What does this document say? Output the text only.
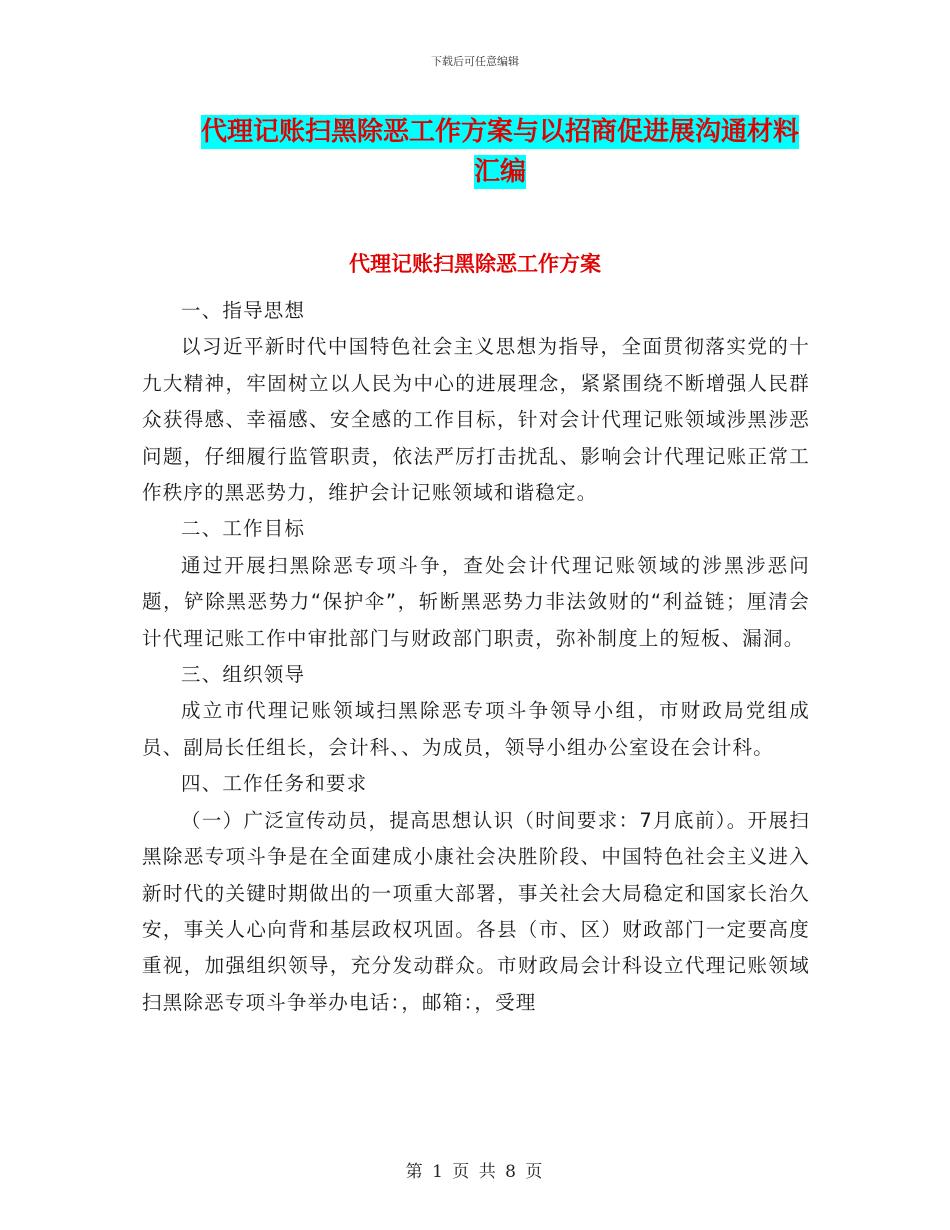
下载后可任意编辑
代理记账扫黑除恶工作方案与以招商促进展沟通材料
汇编
代理记账扫黑除恶工作方案

一、指导思想

以习近平新时代中国特色社会主义思想为指导，全面贯彻落实党的十九大精神，牢固树立以人民为中心的进展理念，紧紧围绕不断增强人民群众获得感、幸福感、安全感的工作目标，针对会计代理记账领域涉黑涉恶问题，仔细履行监管职责，依法严厉打击扰乱、影响会计代理记账正常工作秩序的黑恶势力，维护会计记账领域和谐稳定。

二、工作目标

通过开展扫黑除恶专项斗争，查处会计代理记账领域的涉黑涉恶问题，铲除黑恶势力“保护伞”，斩断黑恶势力非法敛财的“利益链；厘清会计代理记账工作中审批部门与财政部门职责，弥补制度上的短板、漏洞。

三、组织领导

成立市代理记账领域扫黑除恶专项斗争领导小组，市财政局党组成员、副局长任组长，会计科、、为成员，领导小组办公室设在会计科。

四、工作任务和要求

（一）广泛宣传动员，提高思想认识（时间要求：7月底前）。开展扫黑除恶专项斗争是在全面建成小康社会决胜阶段、中国特色社会主义进入新时代的关键时期做出的一项重大部署，事关社会大局稳定和国家长治久安，事关人心向背和基层政权巩固。各县（市、区）财政部门一定要高度重视，加强组织领导，充分发动群众。市财政局会计科设立代理记账领域扫黑除恶专项斗争举办电话：，邮箱：，受理

第 1 页 共 8 页
